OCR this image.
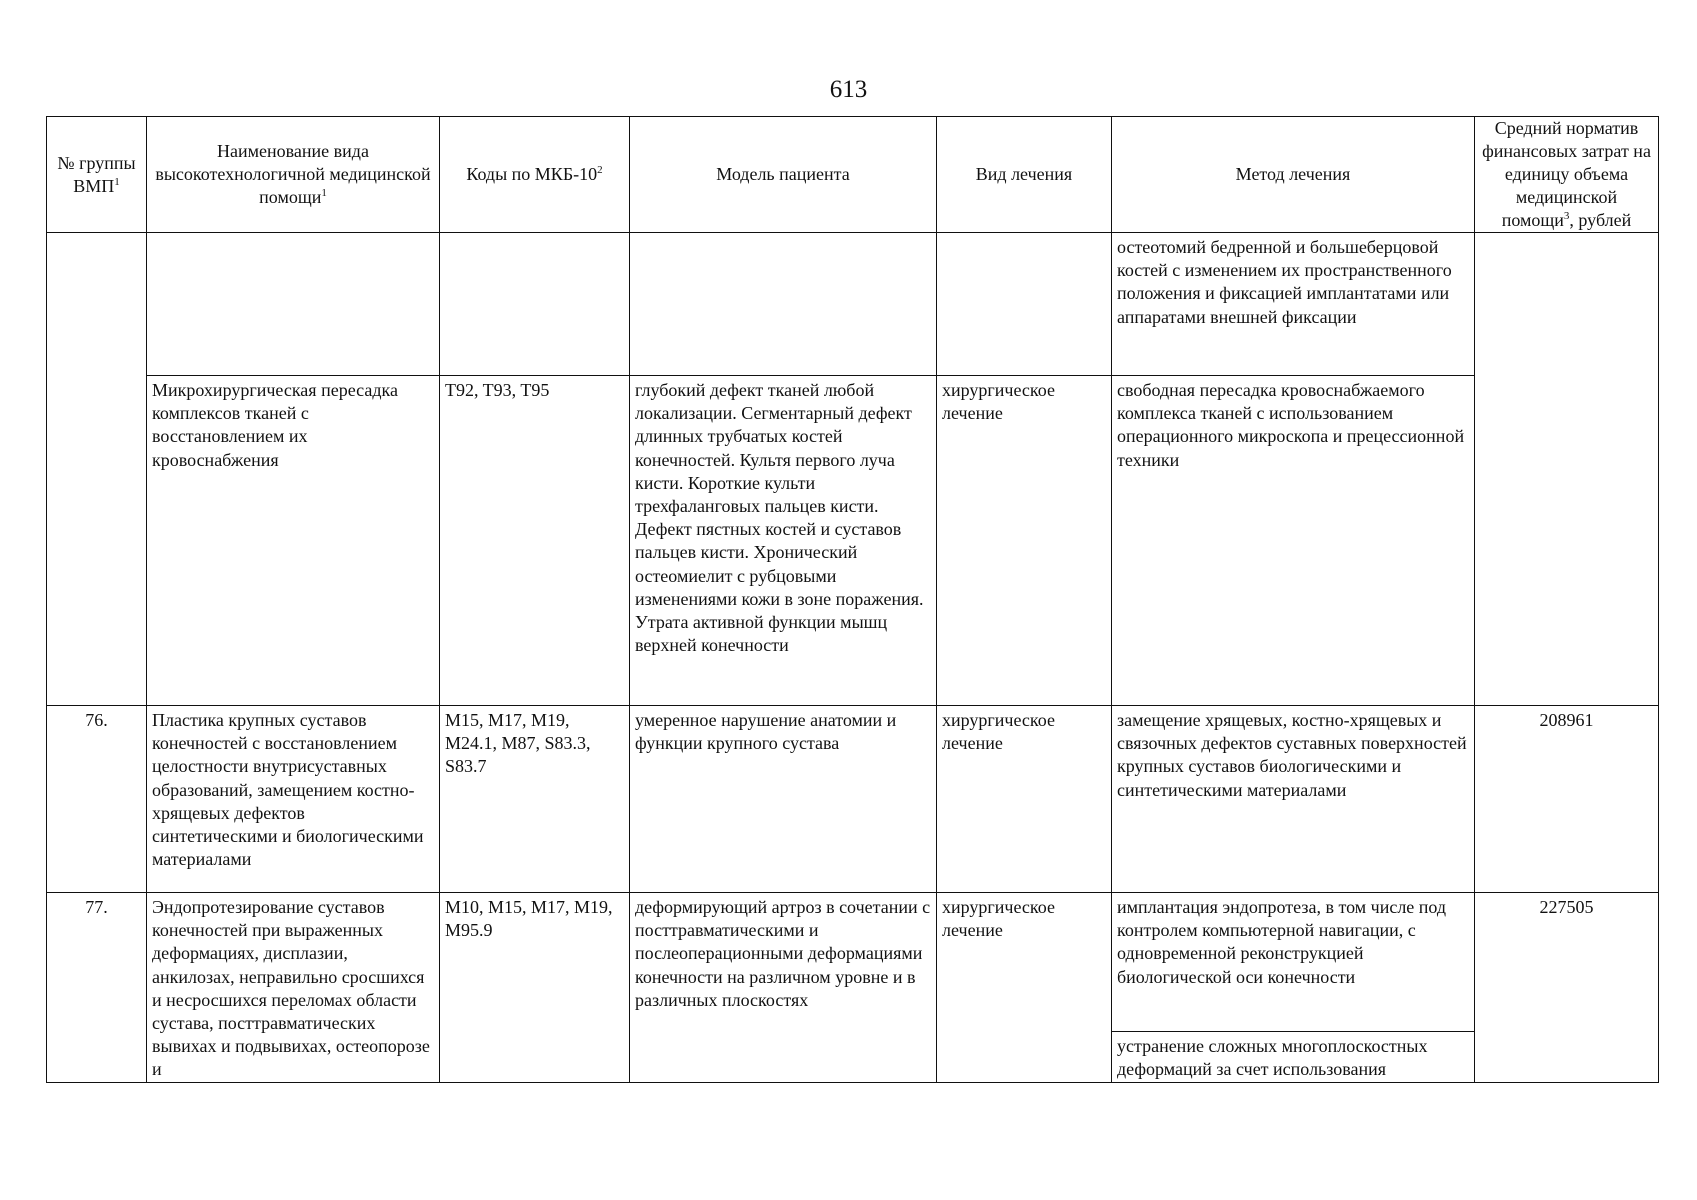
613
№ группы ВМП$^1$	Наименование вида высокотехнологичной медицинской помощи$^1$	Коды по МКБ-$10^2$	Модель пациента	Вид лечения	Метод лечения	Средний норматив финансовых затрат на единицу объема медицинской помощи$^3$, рублей
					остеотомий бедренной и большеберцовой костей с изменением их пространственного положения и фиксацией имплантатами или аппаратами внешней фиксации	
	Микрохирургическая пересадка комплексов тканей с восстановлением их кровоснабжения	T92, T93, T95	глубокий дефект тканей любой локализации. Сегментарный дефект длинных трубчатых костей конечностей. Культя первого луча кисти. Короткие культи трехфаланговых пальцев кисти. Дефект пястных костей и суставов пальцев кисти. Хронический остеомиелит с рубцовыми изменениями кожи в зоне поражения. Утрата активной функции мышц верхней конечности	хирургическое лечение	свободная пересадка кровоснабжаемого комплекса тканей с использованием операционного микроскопа и прецессионной техники	
76.	Пластика крупных суставов конечностей с восстановлением целостности внутрисуставных образований, замещением костно-хрящевых дефектов синтетическими и биологическими материалами	M15, M17, M19, M24.1, M87, S83.3, S83.7	умеренное нарушение анатомии и функции крупного сустава	хирургическое лечение	замещение хрящевых, костно-хрящевых и связочных дефектов суставных поверхностей крупных суставов биологическими и синтетическими материалами	208961
77.	Эндопротезирование суставов конечностей при выраженных деформациях, дисплазии, анкилозах, неправильно сросшихся и несросшихся переломах области сустава, посттравматических вывихах и подвывихах, остеопорозе и	M10, M15, M17, M19, M95.9	деформирующий артроз в сочетании с посттравматическими и послеоперационными деформациями конечности на различном уровне и в различных плоскостях	хирургическое лечение	имплантация эндопротеза, в том числе под контролем компьютерной навигации, с одновременной реконструкцией биологической оси конечности	227505
					устранение сложных многоплоскостных деформаций за счет использования	
